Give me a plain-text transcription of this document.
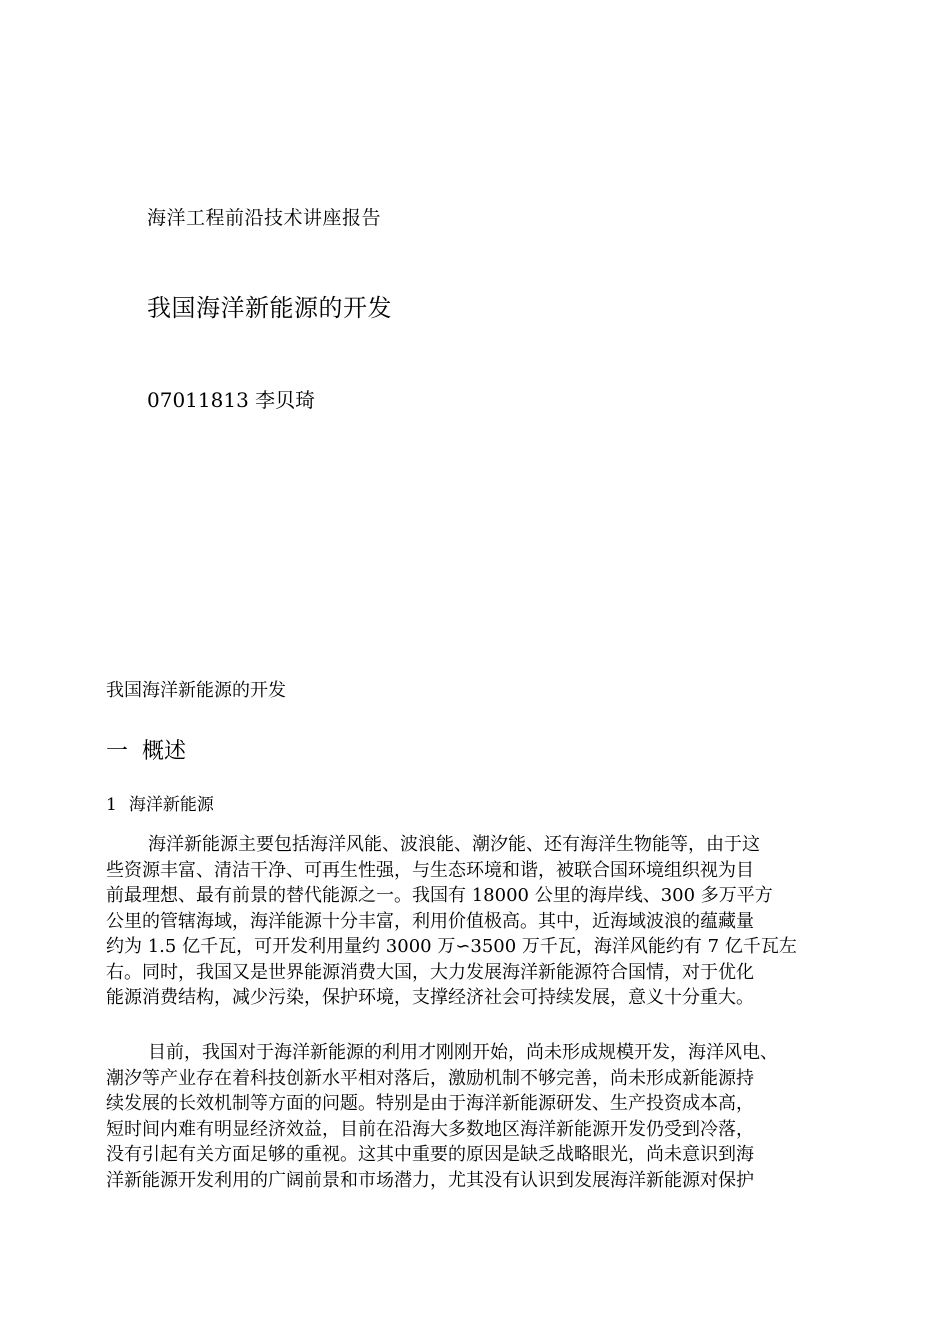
海洋工程前沿技术讲座报告
我国海洋新能源的开发
07011813 李贝琦
我国海洋新能源的开发
一 概述
1 海洋新能源
海洋新能源主要包括海洋风能、波浪能、潮汐能、还有海洋生物能等，由于这
些资源丰富、清洁干净、可再生性强，与生态环境和谐，被联合国环境组织视为目
前最理想、最有前景的替代能源之一。我国有 18000 公里的海岸线、300 多万平方
公里的管辖海域，海洋能源十分丰富，利用价值极高。其中，近海域波浪的蕴藏量
约为 1.5 亿千瓦，可开发利用量约 3000 万∽3500 万千瓦，海洋风能约有 7 亿千瓦左
右。同时，我国又是世界能源消费大国，大力发展海洋新能源符合国情，对于优化
能源消费结构，减少污染，保护环境，支撑经济社会可持续发展，意义十分重大。
目前，我国对于海洋新能源的利用才刚刚开始，尚未形成规模开发，海洋风电、
潮汐等产业存在着科技创新水平相对落后，激励机制不够完善，尚未形成新能源持
续发展的长效机制等方面的问题。特别是由于海洋新能源研发、生产投资成本高，
短时间内难有明显经济效益，目前在沿海大多数地区海洋新能源开发仍受到冷落，
没有引起有关方面足够的重视。这其中重要的原因是缺乏战略眼光，尚未意识到海
洋新能源开发利用的广阔前景和市场潜力，尤其没有认识到发展海洋新能源对保护
